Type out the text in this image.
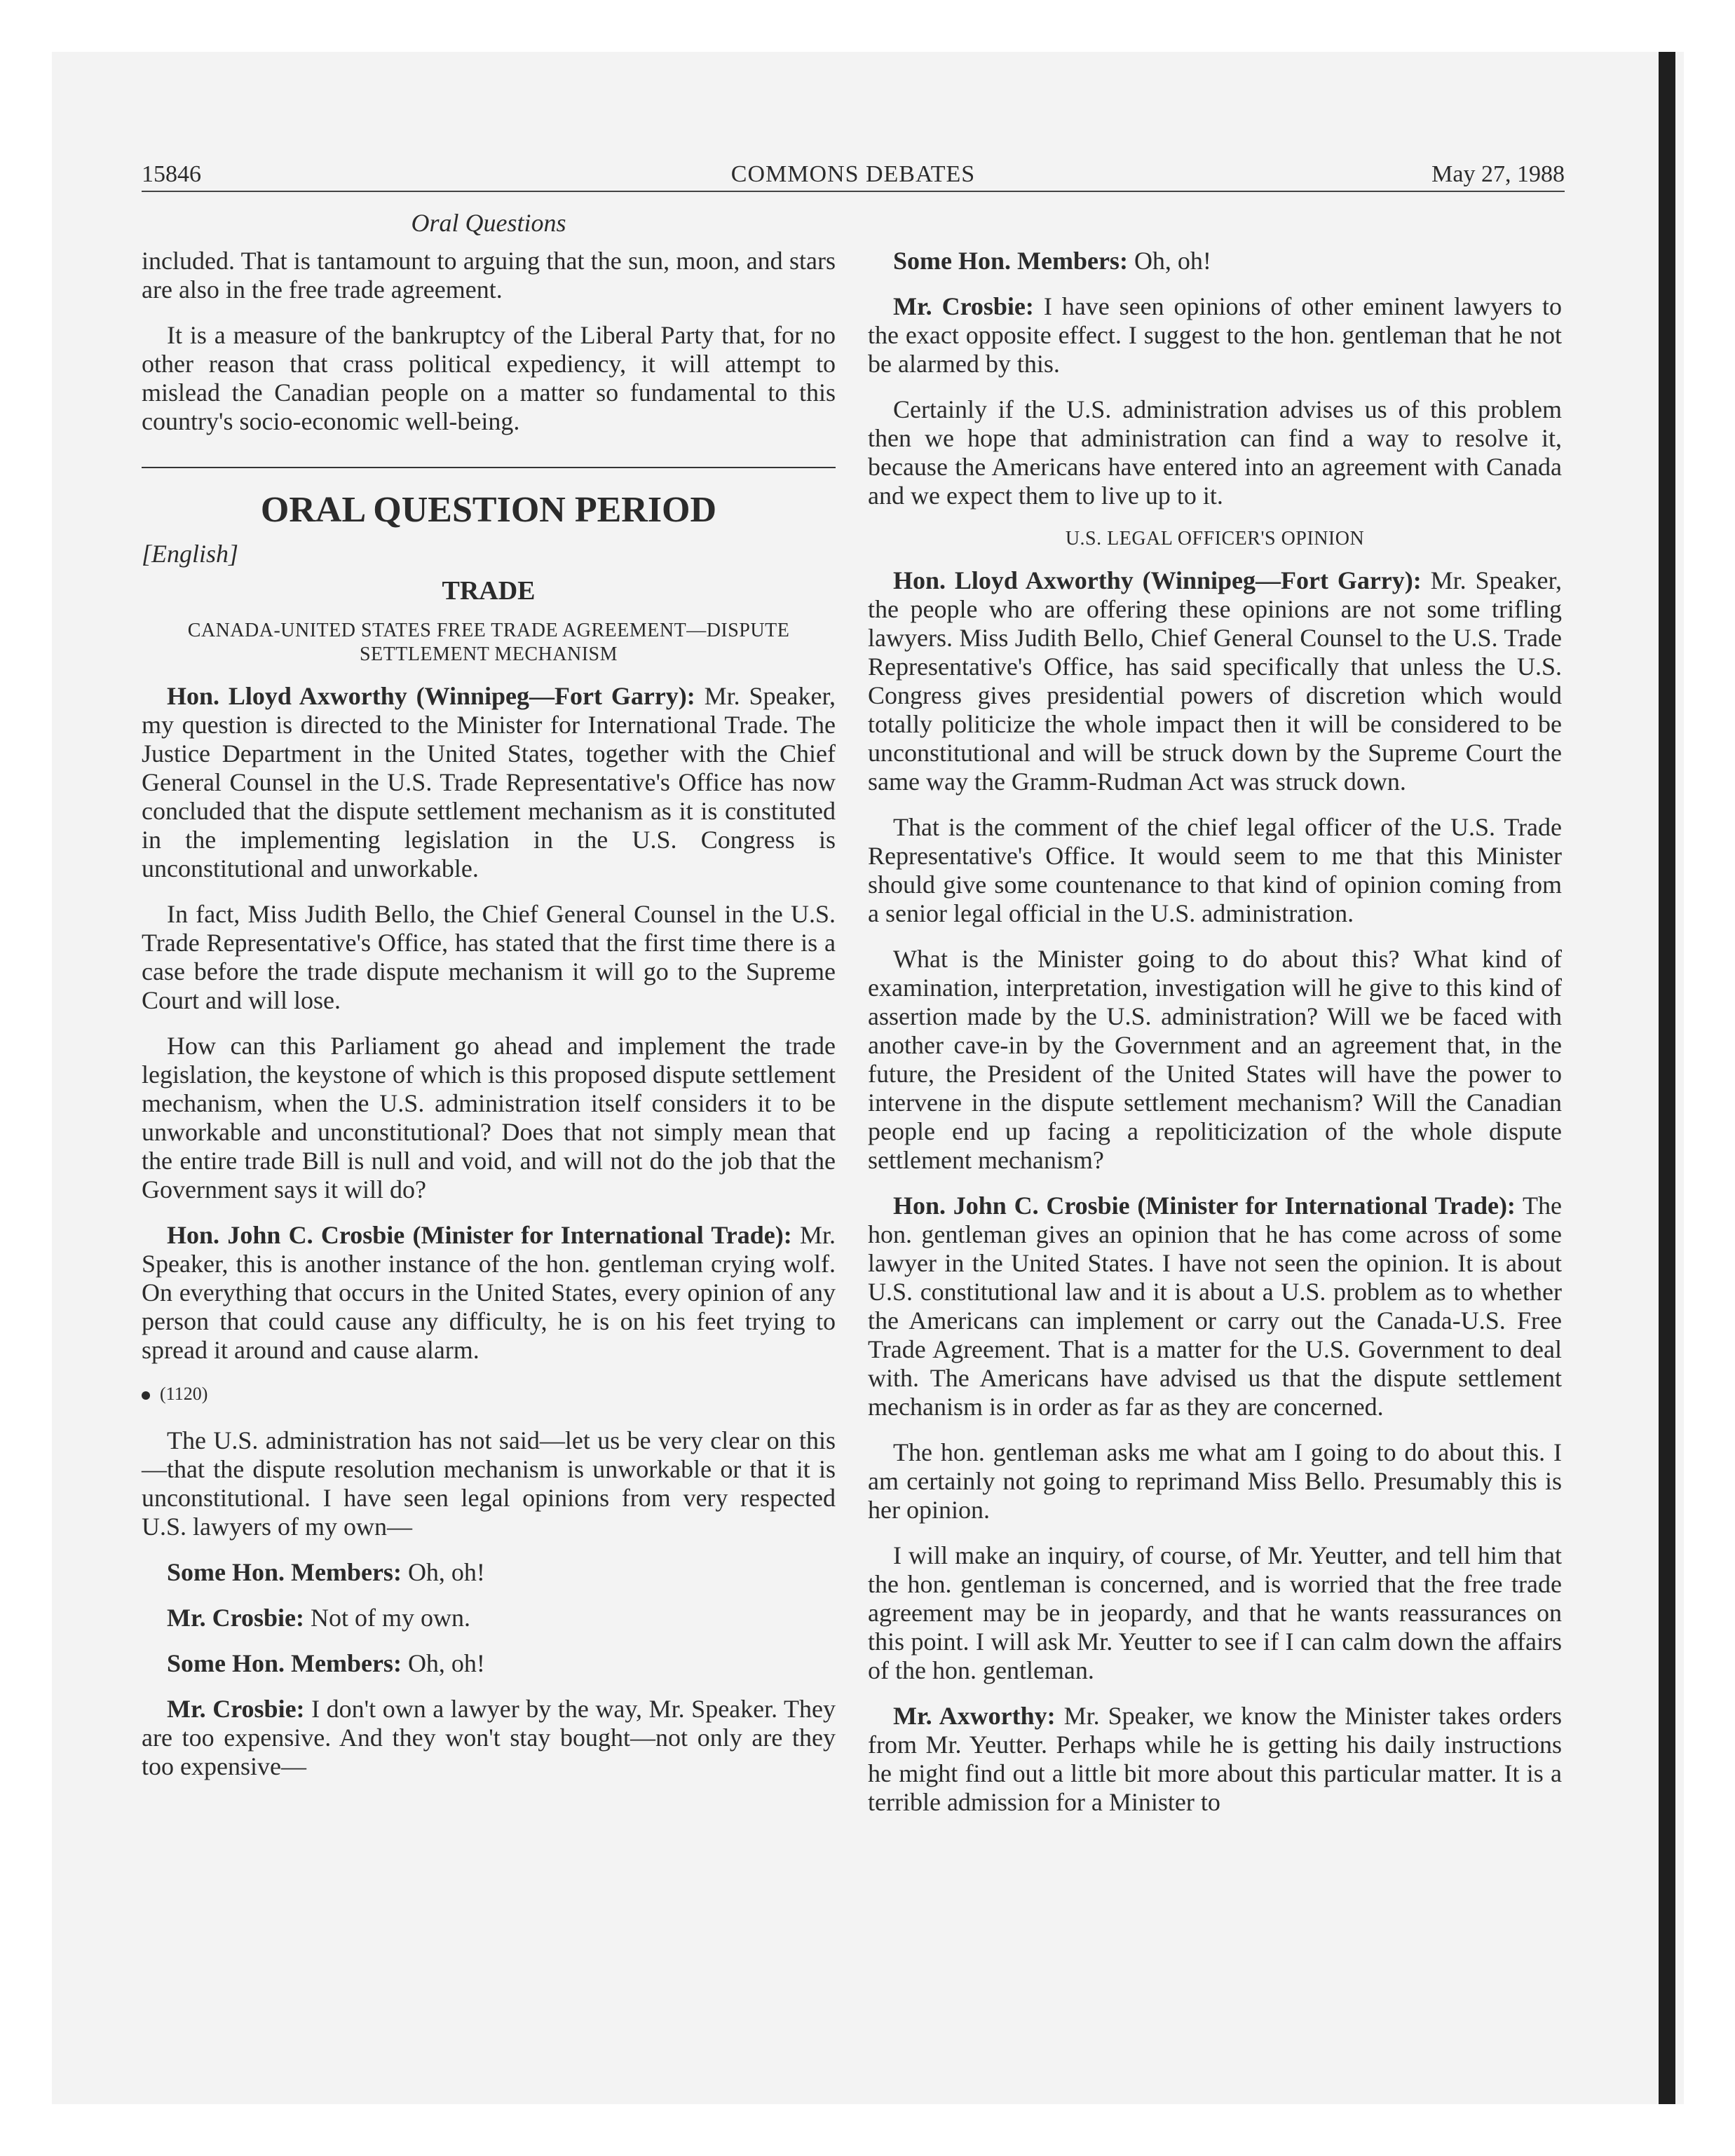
15846	COMMONS DEBATES	May 27, 1988
Oral Questions

included. That is tantamount to arguing that the sun, moon, and stars are also in the free trade agreement.

It is a measure of the bankruptcy of the Liberal Party that, for no other reason that crass political expediency, it will attempt to mislead the Canadian people on a matter so fundamental to this country's socio-economic well-being.

ORAL QUESTION PERIOD
[English]
TRADE
CANADA-UNITED STATES FREE TRADE AGREEMENT—DISPUTE SETTLEMENT MECHANISM

Hon. Lloyd Axworthy (Winnipeg—Fort Garry): Mr. Speaker, my question is directed to the Minister for International Trade. The Justice Department in the United States, together with the Chief General Counsel in the U.S. Trade Representative's Office has now concluded that the dispute settlement mechanism as it is constituted in the implementing legislation in the U.S. Congress is unconstitutional and unworkable.

In fact, Miss Judith Bello, the Chief General Counsel in the U.S. Trade Representative's Office, has stated that the first time there is a case before the trade dispute mechanism it will go to the Supreme Court and will lose.

How can this Parliament go ahead and implement the trade legislation, the keystone of which is this proposed dispute settlement mechanism, when the U.S. administration itself considers it to be unworkable and unconstitutional? Does that not simply mean that the entire trade Bill is null and void, and will not do the job that the Government says it will do?

Hon. John C. Crosbie (Minister for International Trade): Mr. Speaker, this is another instance of the hon. gentleman crying wolf. On everything that occurs in the United States, every opinion of any person that could cause any difficulty, he is on his feet trying to spread it around and cause alarm.

(1120)

The U.S. administration has not said—let us be very clear on this—that the dispute resolution mechanism is unworkable or that it is unconstitutional. I have seen legal opinions from very respected U.S. lawyers of my own—

Some Hon. Members: Oh, oh!

Mr. Crosbie: Not of my own.

Some Hon. Members: Oh, oh!

Mr. Crosbie: I don't own a lawyer by the way, Mr. Speaker. They are too expensive. And they won't stay bought—not only are they too expensive—

Some Hon. Members: Oh, oh!

Mr. Crosbie: I have seen opinions of other eminent lawyers to the exact opposite effect. I suggest to the hon. gentleman that he not be alarmed by this.

Certainly if the U.S. administration advises us of this problem then we hope that administration can find a way to resolve it, because the Americans have entered into an agreement with Canada and we expect them to live up to it.

U.S. LEGAL OFFICER'S OPINION

Hon. Lloyd Axworthy (Winnipeg—Fort Garry): Mr. Speaker, the people who are offering these opinions are not some trifling lawyers. Miss Judith Bello, Chief General Counsel to the U.S. Trade Representative's Office, has said specifically that unless the U.S. Congress gives presidential powers of discretion which would totally politicize the whole impact then it will be considered to be unconstitutional and will be struck down by the Supreme Court the same way the Gramm-Rudman Act was struck down.

That is the comment of the chief legal officer of the U.S. Trade Representative's Office. It would seem to me that this Minister should give some countenance to that kind of opinion coming from a senior legal official in the U.S. administration.

What is the Minister going to do about this? What kind of examination, interpretation, investigation will he give to this kind of assertion made by the U.S. administration? Will we be faced with another cave-in by the Government and an agreement that, in the future, the President of the United States will have the power to intervene in the dispute settlement mechanism? Will the Canadian people end up facing a repoliticization of the whole dispute settlement mechanism?

Hon. John C. Crosbie (Minister for International Trade): The hon. gentleman gives an opinion that he has come across of some lawyer in the United States. I have not seen the opinion. It is about U.S. constitutional law and it is about a U.S. problem as to whether the Americans can implement or carry out the Canada-U.S. Free Trade Agreement. That is a matter for the U.S. Government to deal with. The Americans have advised us that the dispute settlement mechanism is in order as far as they are concerned.

The hon. gentleman asks me what am I going to do about this. I am certainly not going to reprimand Miss Bello. Presumably this is her opinion.

I will make an inquiry, of course, of Mr. Yeutter, and tell him that the hon. gentleman is concerned, and is worried that the free trade agreement may be in jeopardy, and that he wants reassurances on this point. I will ask Mr. Yeutter to see if I can calm down the affairs of the hon. gentleman.

Mr. Axworthy: Mr. Speaker, we know the Minister takes orders from Mr. Yeutter. Perhaps while he is getting his daily instructions he might find out a little bit more about this particular matter. It is a terrible admission for a Minister to
